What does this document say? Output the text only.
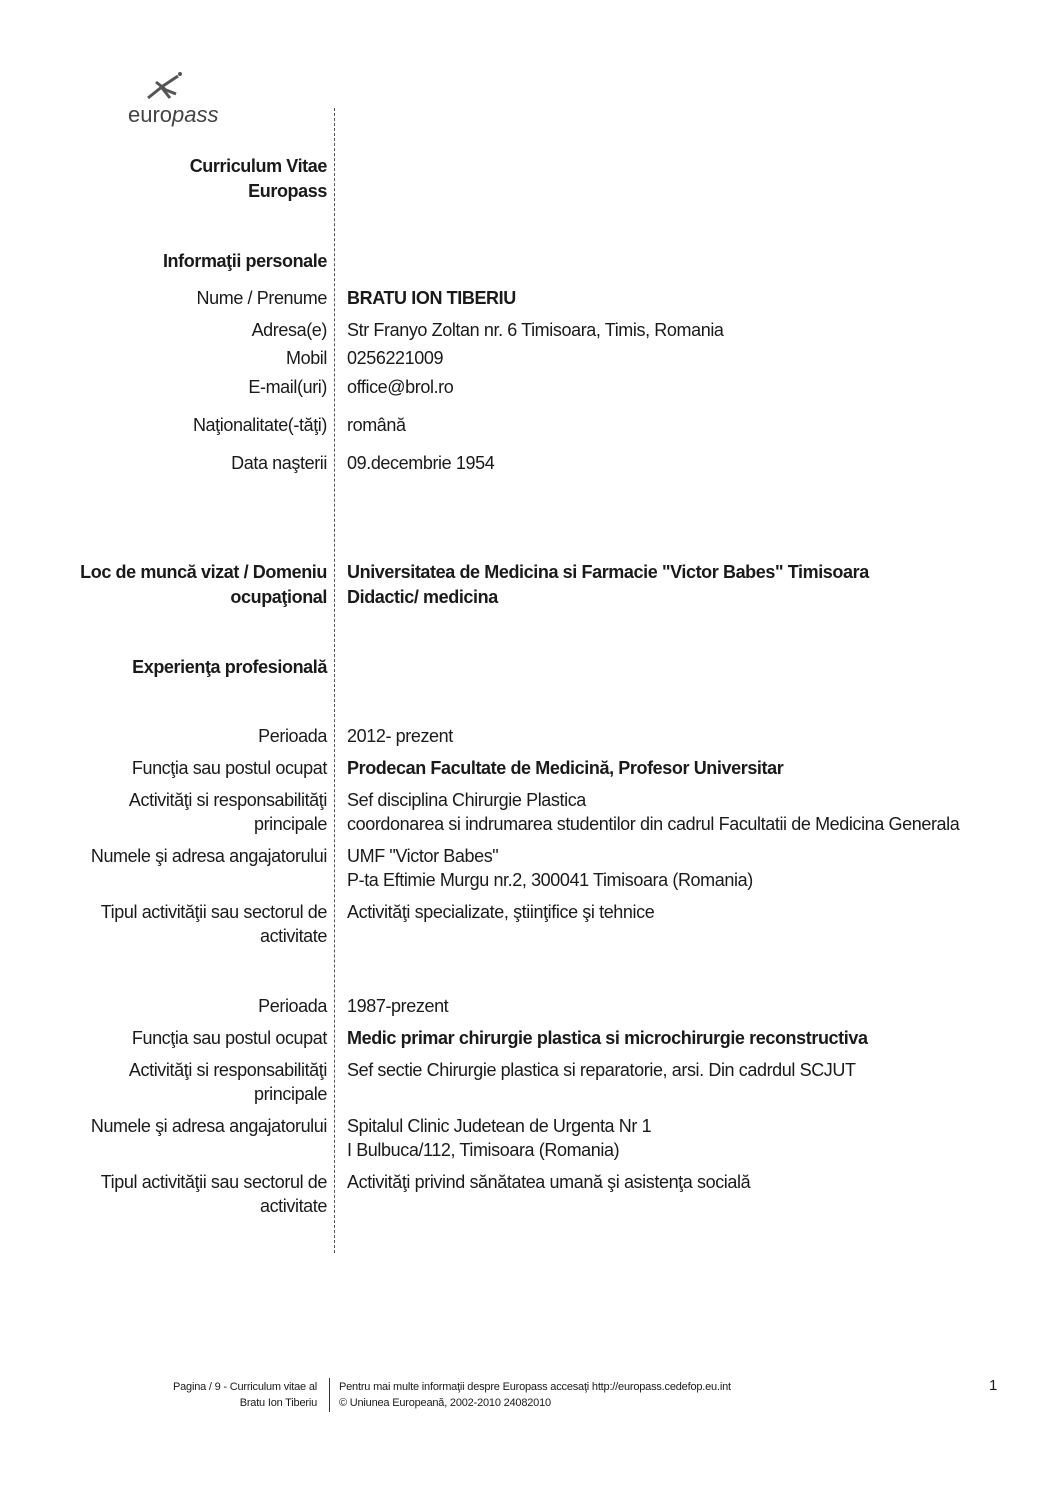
europass
Curriculum Vitae
Europass
Informaţii personale
Nume / Prenume BRATU ION TIBERIU
Adresa(e) Str Franyo Zoltan nr. 6 Timisoara, Timis, Romania
Mobil 0256221009
E-mail(uri) office@brol.ro
Naţionalitate(-tăţi) română
Data naşterii 09.decembrie 1954
Loc de muncă vizat / Domeniu
ocupaţional
Universitatea de Medicina si Farmacie "Victor Babes" Timisoara
Didactic/ medicina
Experienţa profesională
Perioada 2012- prezent
Funcţia sau postul ocupat Prodecan Facultate de Medicină, Profesor Universitar
Activităţi si responsabilităţi
principale
Sef disciplina Chirurgie Plastica
coordonarea si indrumarea studentilor din cadrul Facultatii de Medicina Generala
Numele şi adresa angajatorului UMF "Victor Babes"
P-ta Eftimie Murgu nr.2, 300041 Timisoara (Romania)
Tipul activităţii sau sectorul de
activitate
Activităţi specializate, ştiinţifice şi tehnice
Perioada 1987-prezent
Funcţia sau postul ocupat Medic primar chirurgie plastica si microchirurgie reconstructiva
Activităţi si responsabilităţi
principale
Sef sectie Chirurgie plastica si reparatorie, arsi. Din cadrdul SCJUT
Numele şi adresa angajatorului Spitalul Clinic Judetean de Urgenta Nr 1
I Bulbuca/112, Timisoara (Romania)
Tipul activităţii sau sectorul de
activitate
Activităţi privind sănătatea umană şi asistenţa socială
Pagina / 9 - Curriculum vitae al
Bratu Ion Tiberiu
Pentru mai multe informaţii despre Europass accesaţi http://europass.cedefop.eu.int
© Uniunea Europeană, 2002-2010 24082010
1
